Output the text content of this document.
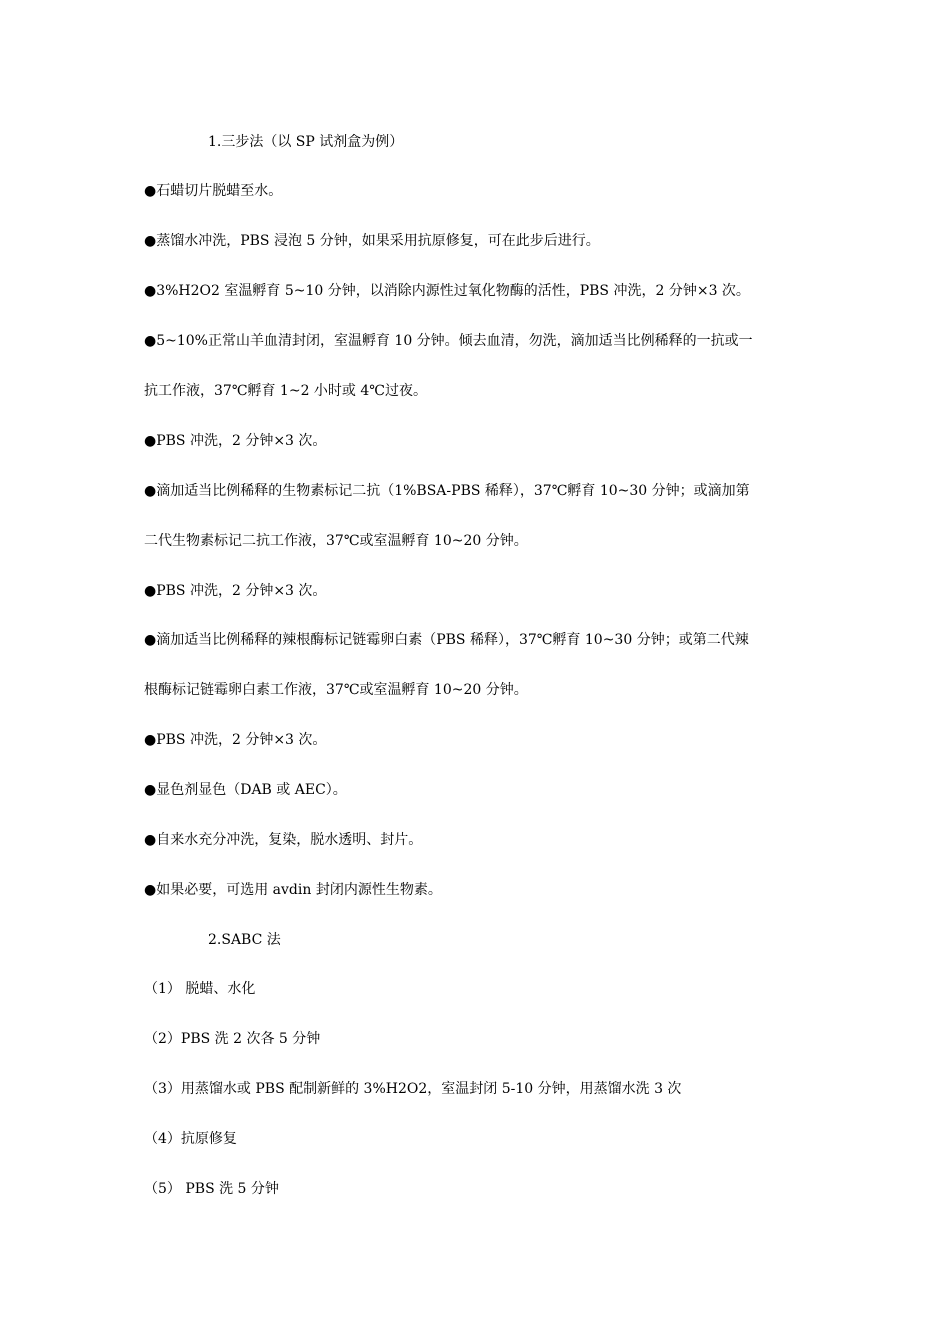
1.三步法（以 SP 试剂盒为例）
●石蜡切片脱蜡至水。
●蒸馏水冲洗，PBS 浸泡 5 分钟，如果采用抗原修复，可在此步后进行。
●3%H2O2 室温孵育 5~10 分钟，以消除内源性过氧化物酶的活性，PBS 冲洗，2 分钟×3 次。
●5~10%正常山羊血清封闭，室温孵育 10 分钟。倾去血清，勿洗，滴加适当比例稀释的一抗或一
抗工作液，37℃孵育 1~2 小时或 4℃过夜。
●PBS 冲洗，2 分钟×3 次。
●滴加适当比例稀释的生物素标记二抗（1%BSA-PBS 稀释），37℃孵育 10~30 分钟；或滴加第
二代生物素标记二抗工作液，37℃或室温孵育 10~20 分钟。
●PBS 冲洗，2 分钟×3 次。
●滴加适当比例稀释的辣根酶标记链霉卵白素（PBS 稀释），37℃孵育 10~30 分钟；或第二代辣
根酶标记链霉卵白素工作液，37℃或室温孵育 10~20 分钟。
●PBS 冲洗，2 分钟×3 次。
●显色剂显色（DAB 或 AEC）。
●自来水充分冲洗，复染，脱水透明、封片。
●如果必要，可选用 avdin 封闭内源性生物素。
2.SABC 法
（1） 脱蜡、水化
（2）PBS 洗 2 次各 5 分钟
（3）用蒸馏水或 PBS 配制新鲜的 3%H2O2，室温封闭 5-10 分钟，用蒸馏水洗 3 次
（4）抗原修复
（5） PBS 洗 5 分钟
